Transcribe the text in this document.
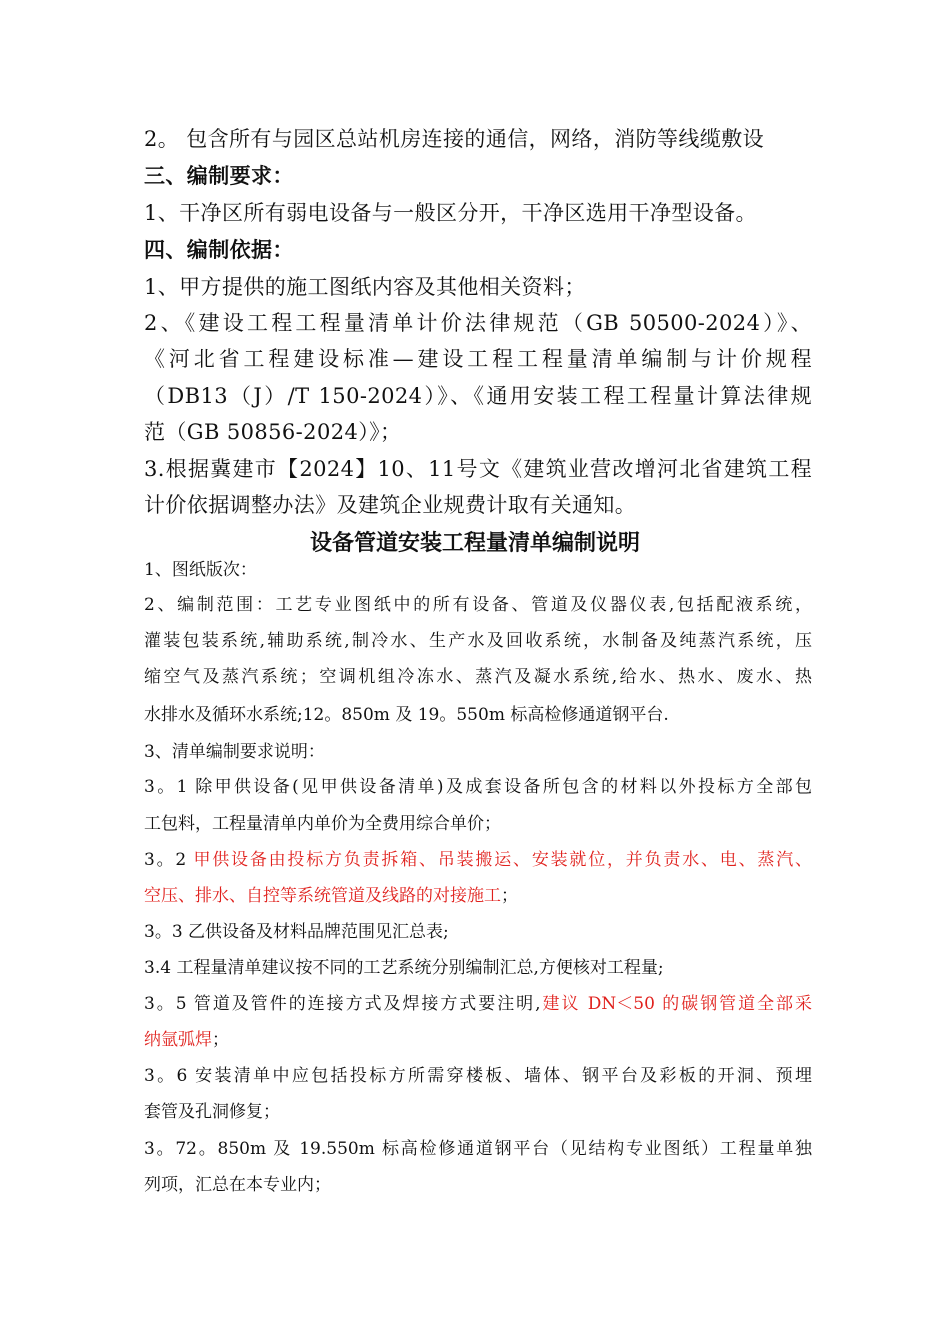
2。 包含所有与园区总站机房连接的通信，网络，消防等线缆敷设
三、编制要求：
1、干净区所有弱电设备与一般区分开，干净区选用干净型设备。
四、编制依据：
1、甲方提供的施工图纸内容及其他相关资料；
2、《建设工程工程量清单计价法律规范（GB 50500-2024）》、
《河北省工程建设标准—建设工程工程量清单编制与计价规程
（DB13（J）/T 150-2024）》、《通用安装工程工程量计算法律规
范（GB 50856-2024）》；
3.根据冀建市【2024】10、11号文《建筑业营改增河北省建筑工程
计价依据调整办法》及建筑企业规费计取有关通知。
设备管道安装工程量清单编制说明
1、图纸版次：
2、编制范围：工艺专业图纸中的所有设备、管道及仪器仪表,包括配液系统，
灌装包装系统,辅助系统,制冷水、生产水及回收系统，水制备及纯蒸汽系统，压
缩空气及蒸汽系统；空调机组冷冻水、蒸汽及凝水系统,给水、热水、废水、热
水排水及循环水系统;12。850m 及 19。550m 标高检修通道钢平台.
3、清单编制要求说明：
3。1 除甲供设备(见甲供设备清单)及成套设备所包含的材料以外投标方全部包
工包料，工程量清单内单价为全费用综合单价；
3。2 甲供设备由投标方负责拆箱、吊装搬运、安装就位，并负责水、电、蒸汽、
空压、排水、自控等系统管道及线路的对接施工；
3。3 乙供设备及材料品牌范围见汇总表;
3.4 工程量清单建议按不同的工艺系统分别编制汇总,方便核对工程量;
3。5 管道及管件的连接方式及焊接方式要注明,建议 DN＜50 的碳钢管道全部采
纳氩弧焊；
3。6 安装清单中应包括投标方所需穿楼板、墙体、钢平台及彩板的开洞、预埋
套管及孔洞修复；
3。72。850m 及 19.550m 标高检修通道钢平台（见结构专业图纸）工程量单独
列项，汇总在本专业内；
